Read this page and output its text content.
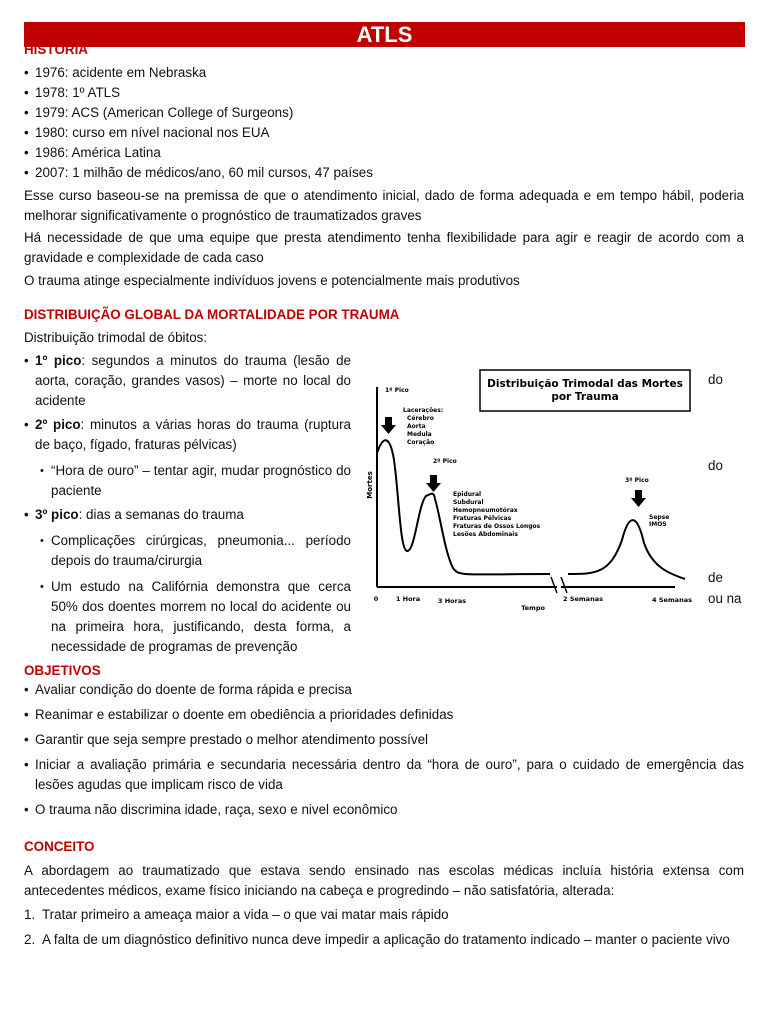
ATLS
HISTÓRIA
• 1976: acidente em Nebraska
• 1978: 1º ATLS
• 1979: ACS (American College of Surgeons)
• 1980: curso em nível nacional nos EUA
• 1986: América Latina
• 2007: 1 milhão de médicos/ano, 60 mil cursos, 47 países
Esse curso baseou-se na premissa de que o atendimento inicial, dado de forma adequada e em tempo hábil, poderia melhorar significativamente o prognóstico de traumatizados graves
Há necessidade de que uma equipe que presta atendimento tenha flexibilidade para agir e reagir de acordo com a gravidade e complexidade de cada caso
O trauma atinge especialmente indivíduos jovens e potencialmente mais produtivos
DISTRIBUIÇÃO GLOBAL DA MORTALIDADE POR TRAUMA
Distribuição trimodal de óbitos:
• 1º pico: segundos a minutos do trauma (lesão de aorta, coração, grandes vasos) – morte no local do acidente
• 2º pico: minutos a várias horas do trauma (ruptura de baço, fígado, fraturas pélvicas)
• “Hora de ouro” – tentar agir, mudar prognóstico do paciente
• 3º pico: dias a semanas do trauma
• Complicações cirúrgicas, pneumonia... período depois do trauma/cirurgia
• Um estudo na Califórnia demonstra que cerca 50% dos doentes morrem no local do acidente ou na primeira hora, justificando, desta forma, a necessidade de programas de prevenção
do
do
de
ou na
Distribuição Trimodal das Mortes
por Trauma
Mortes
Tempo
0	1 Hora	3 Horas	2 Semanas	4 Semanas
1º Pico
Lacerações: Cérebro Aorta Medula Coração
2º Pico
Epidural Subdural Hemopneumotórax Fraturas Pélvicas Fraturas de Ossos Longos Lesões Abdominais
3º Pico
Sepse IMOS
OBJETIVOS
• Avaliar condição do doente de forma rápida e precisa
• Reanimar e estabilizar o doente em obediência a prioridades definidas
• Garantir que seja sempre prestado o melhor atendimento possível
• Iniciar a avaliação primária e secundaria necessária dentro da “hora de ouro”, para o cuidado de emergência das lesões agudas que implicam risco de vida
• O trauma não discrimina idade, raça, sexo e nivel econômico
CONCEITO
A abordagem ao traumatizado que estava sendo ensinado nas escolas médicas incluía história extensa com antecedentes médicos, exame físico iniciando na cabeça e progredindo – não satisfatória, alterada:
1. Tratar primeiro a ameaça maior a vida – o que vai matar mais rápido
2. A falta de um diagnóstico definitivo nunca deve impedir a aplicação do tratamento indicado – manter o paciente vivo
